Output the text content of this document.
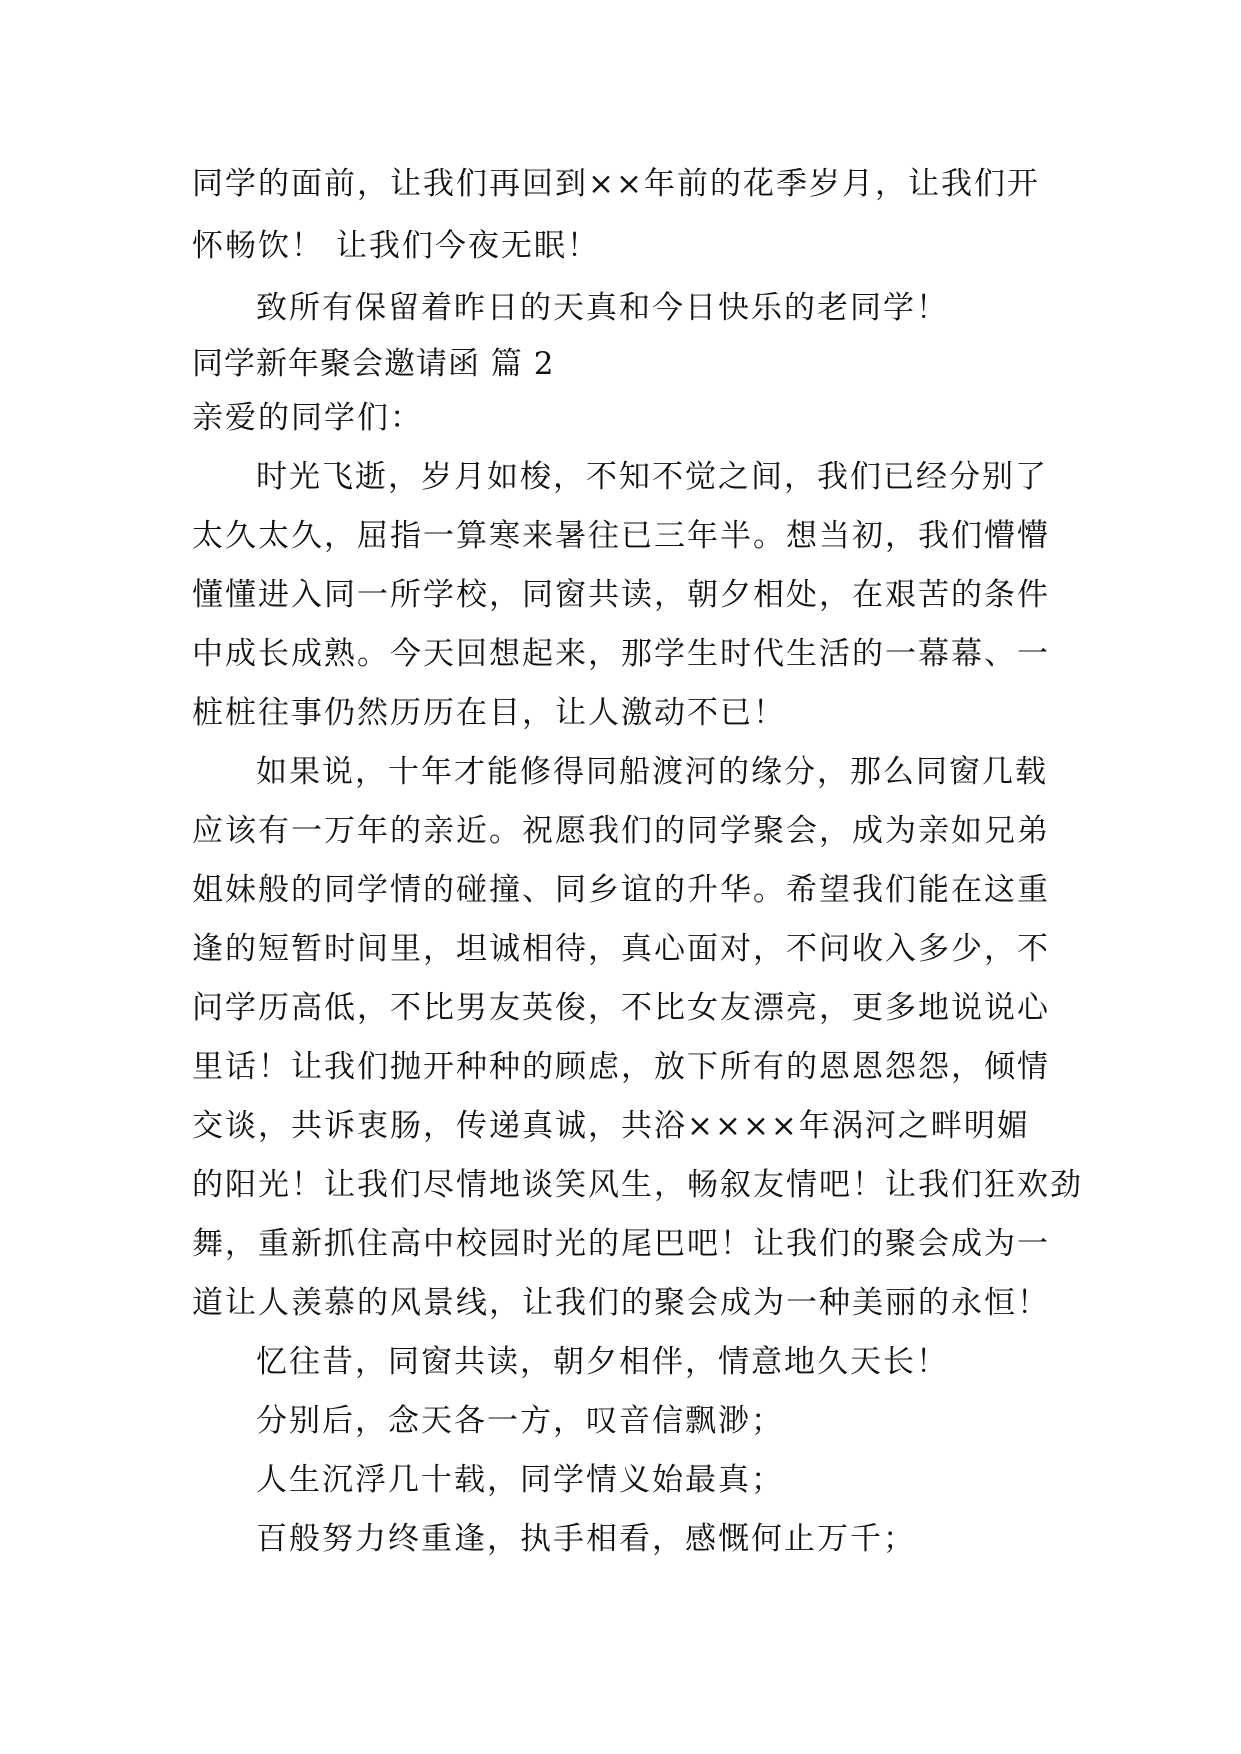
同学的面前，让我们再回到××年前的花季岁月，让我们开
怀畅饮！ 让我们今夜无眠！
致所有保留着昨日的天真和今日快乐的老同学！
同学新年聚会邀请函 篇 2
亲爱的同学们：
时光飞逝，岁月如梭，不知不觉之间，我们已经分别了
太久太久，屈指一算寒来暑往已三年半。想当初，我们懵懵
懂懂进入同一所学校，同窗共读，朝夕相处，在艰苦的条件
中成长成熟。今天回想起来，那学生时代生活的一幕幕、一
桩桩往事仍然历历在目，让人激动不已！
如果说，十年才能修得同船渡河的缘分，那么同窗几载
应该有一万年的亲近。祝愿我们的同学聚会，成为亲如兄弟
姐妹般的同学情的碰撞、同乡谊的升华。希望我们能在这重
逢的短暂时间里，坦诚相待，真心面对，不问收入多少，不
问学历高低，不比男友英俊，不比女友漂亮，更多地说说心
里话！让我们抛开种种的顾虑，放下所有的恩恩怨怨，倾情
交谈，共诉衷肠，传递真诚，共浴××××年涡河之畔明媚
的阳光！让我们尽情地谈笑风生，畅叙友情吧！让我们狂欢劲
舞，重新抓住高中校园时光的尾巴吧！让我们的聚会成为一
道让人羡慕的风景线，让我们的聚会成为一种美丽的永恒！
忆往昔，同窗共读，朝夕相伴，情意地久天长！
分别后，念天各一方，叹音信飘渺；
人生沉浮几十载，同学情义始最真；
百般努力终重逢，执手相看，感慨何止万千；
